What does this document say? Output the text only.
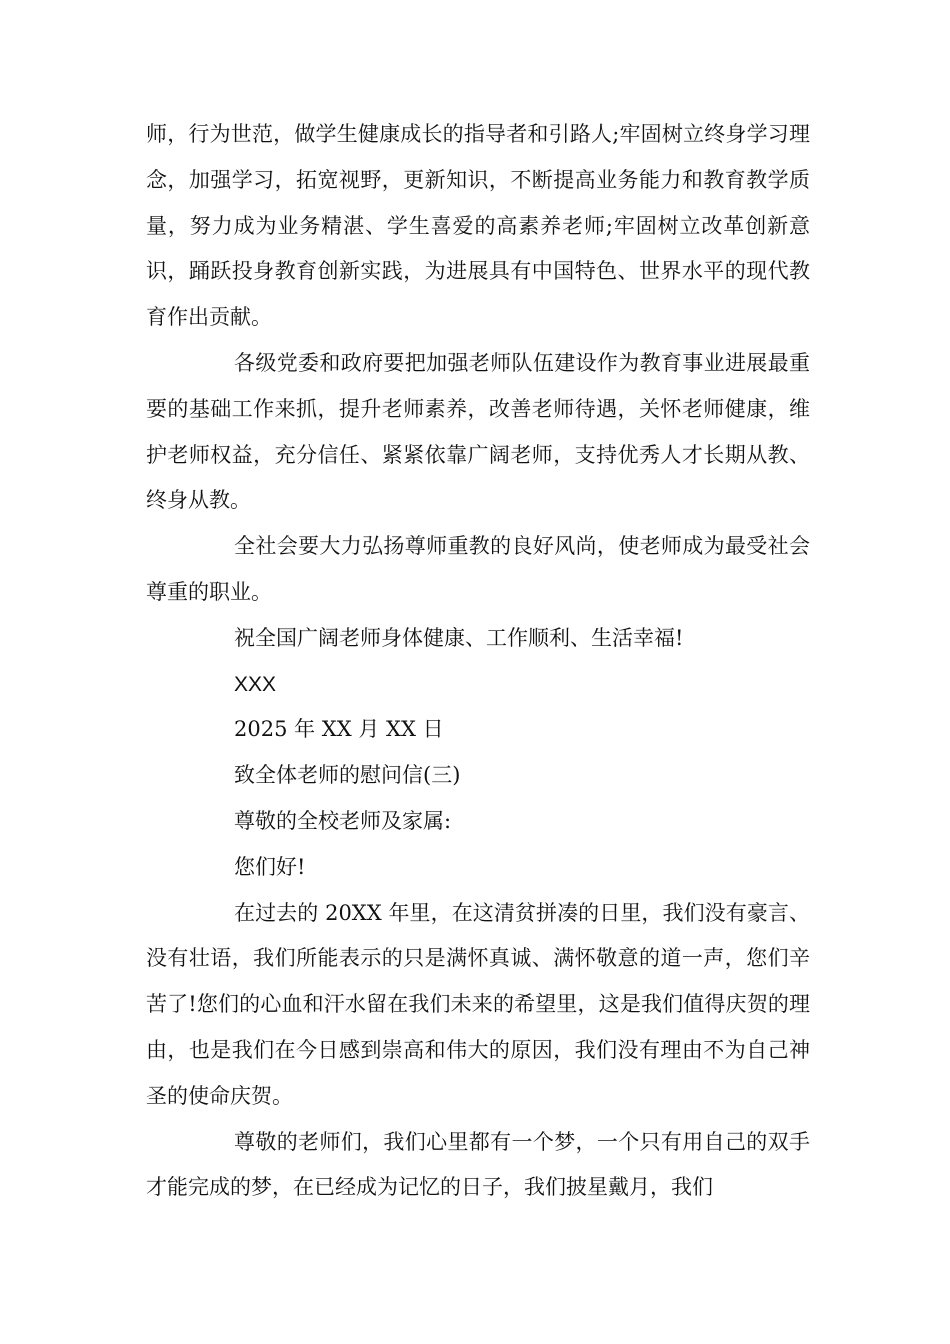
师，行为世范，做学生健康成长的指导者和引路人;牢固树立终身学习理念，加强学习，拓宽视野，更新知识，不断提高业务能力和教育教学质量，努力成为业务精湛、学生喜爱的高素养老师;牢固树立改革创新意识，踊跃投身教育创新实践，为进展具有中国特色、世界水平的现代教育作出贡献。

各级党委和政府要把加强老师队伍建设作为教育事业进展最重要的基础工作来抓，提升老师素养，改善老师待遇，关怀老师健康，维护老师权益，充分信任、紧紧依靠广阔老师，支持优秀人才长期从教、终身从教。

全社会要大力弘扬尊师重教的良好风尚，使老师成为最受社会尊重的职业。

祝全国广阔老师身体健康、工作顺利、生活幸福!

XXX

2025 年 XX 月 XX 日

致全体老师的慰问信(三)

尊敬的全校老师及家属:

您们好!

在过去的 20XX 年里，在这清贫拼凑的日里，我们没有豪言、没有壮语，我们所能表示的只是满怀真诚、满怀敬意的道一声，您们辛苦了!您们的心血和汗水留在我们未来的希望里，这是我们值得庆贺的理由，也是我们在今日感到崇高和伟大的原因，我们没有理由不为自己神圣的使命庆贺。

尊敬的老师们，我们心里都有一个梦，一个只有用自己的双手才能完成的梦，在已经成为记忆的日子，我们披星戴月，我们
